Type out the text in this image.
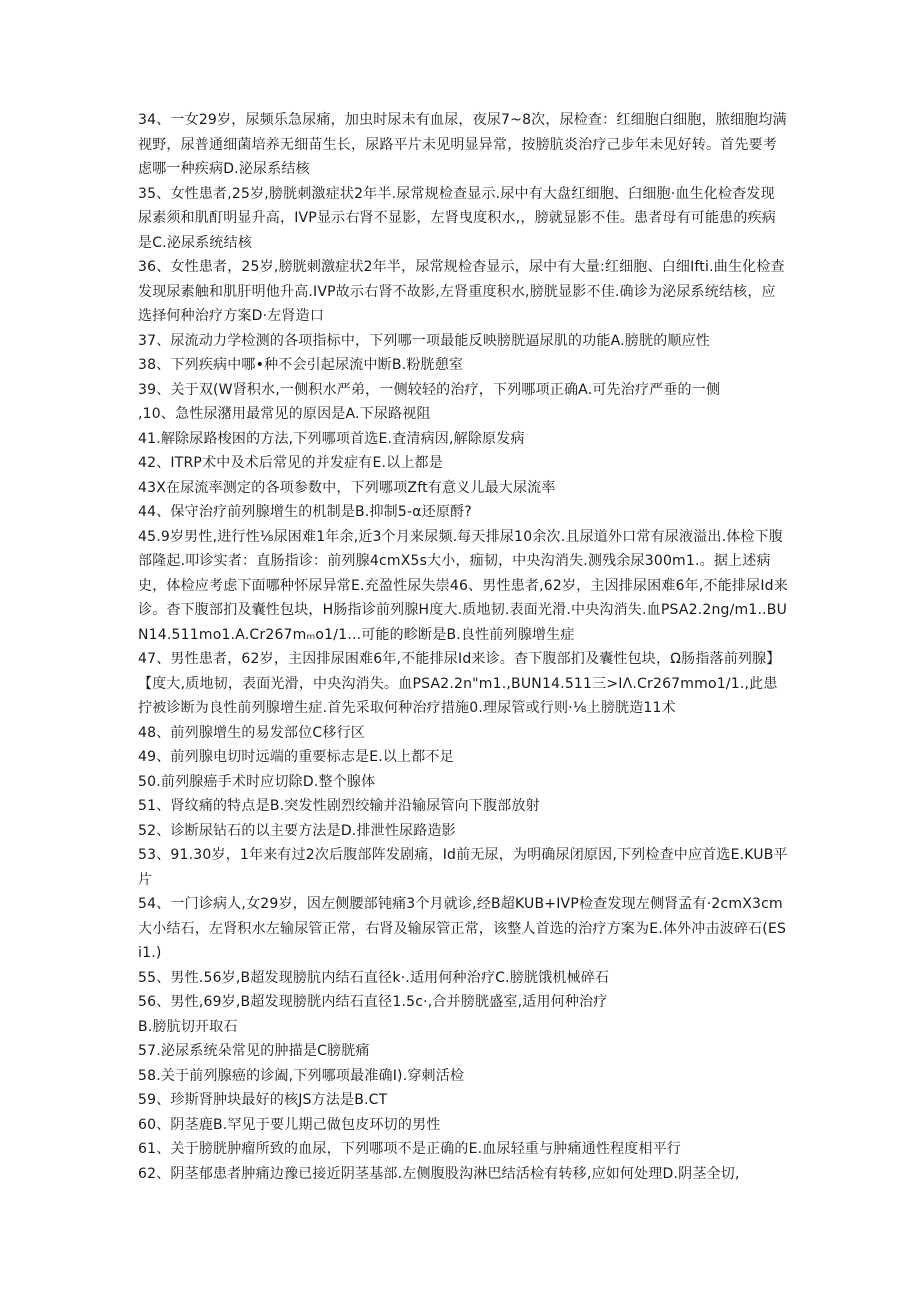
34、一女29岁，尿频乐急尿痛，加虫时尿未有血尿，夜尿7~8次，尿检查：红细胞白细胞，脓细胞均满视野，尿普通细菌培养无细苗生长，尿路平片未见明显异常，按膀肮炎治疗己步年未见好转。首先要考虑哪一种疾病D.泌尿系结核

35、女性患者,25岁,膀胱刺激症状2年半.尿常规检查显示.尿中有大盘红细胞、臼细胞·血生化检杳发现尿素须和肌酊明显升高，IVP显示右肾不显影，左肾曳度积水,，膀就显影不佳。患者母有可能患的疾病是C.泌尿系统结核

36、女性患者，25岁,膀胱刺激症状2年半，尿常规检杳显示，尿中有大量:红细胞、白细Ifti.曲生化检查发现尿素触和肌肝明他升高.IVP故示右肾不故影,左肾重度积水,膀胱显影不佳.确诊为泌尿系统结核，应选择何种治疗方案D·左肾造口

37、尿流动力学检测的各项指标中，下列哪一项最能反映膀胱逼尿肌的功能A.膀胱的顺应性

38、下列疾病中哪•种不会引起尿流中断B.粉胱憩室

39、关于双(W肾积水,一侧积水严弟，一侧较轻的治疗，下列哪项正确A.可先治疗严垂的一侧

,10、急性尿潴用最常见的原因是A.下尿路视阻

41.解除尿路梭困的方法,下列哪项首选E.査清病因,解除原发病

42、ITRP术中及术后常见的并发症有E.以上都是

43X在尿流率测定的各项参数中，下列哪项Zft有意义儿最大尿流率

44、保守治疗前列腺增生的机制是B.抑制5-α还原酹?

45.9岁男性,进行性⅛尿困难1年余,近3个月来尿频.每天排尿10余次.且尿道外口常有尿液溢出.体检下腹部隆起.叩诊实者：直肠指诊：前列腺4cmX5s大小，痂韧，中央沟消失.测残余尿300m1.。据上述病史，体检应考虑下面哪种怀尿异常E.充盈性尿失崇46、男性患者,62岁，主因排尿困难6年,不能排尿Id来诊。杳下腹部扪及囊性包块，H肠指诊前列腺H度大.质地韧.表面光滑.中央沟消失.血PSA2.2ng∕m1..BUN14.511mo1.A.Cr267mₘo1∕1...可能的畛断是B.良性前列腺增生症

47、男性患者，62岁，主因排尿困难6年,不能排尿Id来诊。杳下腹部扪及囊性包块，Ω肠指落前列腺】【度大,质地韧，表面光滑，中央沟消失。血PSA2.2n"m1.,BUN14.511三>IΛ.Cr267mmo1∕1.,此患拧被诊断为良性前列腺增生症.首先采取何种治疗措施0.理尿管或行则·⅛上膀胱造11术

48、前列腺增生的易发部位C移行区

49、前列腺电切时远端的重要标志是E.以上都不足

50.前列腺癌手术时应切除D.整个腺体

51、肾纹痛的特点是B.突发性剧烈绞输并沿输尿管向下腹部放射

52、诊断尿钻石的以主要方法是D.排泄性尿路造影

53、91.30岁，1年来有过2次后腹部阵发剧痛，Id前无尿，为明确尿闭原因,下列检查中应首选E.KUB平片

54、一门诊病人,女29岁，因左侧腰部钝痛3个月就诊,经B超KUB+IVP检查发现左侧肾孟有·2cmX3cm大小结石，左肾积水左输尿管正常，右肾及输尿管正常，该整人首选的治疗方案为E.体外冲击波碎石(ESi1.)

55、男性.56岁,B超发现膀肮内结石直径k·.适用何种治疗C.膀胱饿机械碎石

56、男性,69岁,B超发现膀胱内结石直径1.5c·,合并膀胱盛室,适用何种治疗

B.膀肮切开取石

57.泌尿系统朵常见的肿描是C膀胱痛

58.关于前列腺癌的诊阖,下列哪项最准确I).穿刺活检

59、珍斯肾肿块最好的核JS方法是B.CT

60、阴茎鹿B.罕见于要儿期己做包皮环切的男性

61、关于膀胱肿瘤所致的血尿，下列哪项不是正确的E.血尿轻重与肿痛通性程度相平行

62、阴茎郁患者肿痛边豫已接近阴茎基部.左侧腹股沟淋巴结活检有转移,应如何处理D.阴茎全切,
